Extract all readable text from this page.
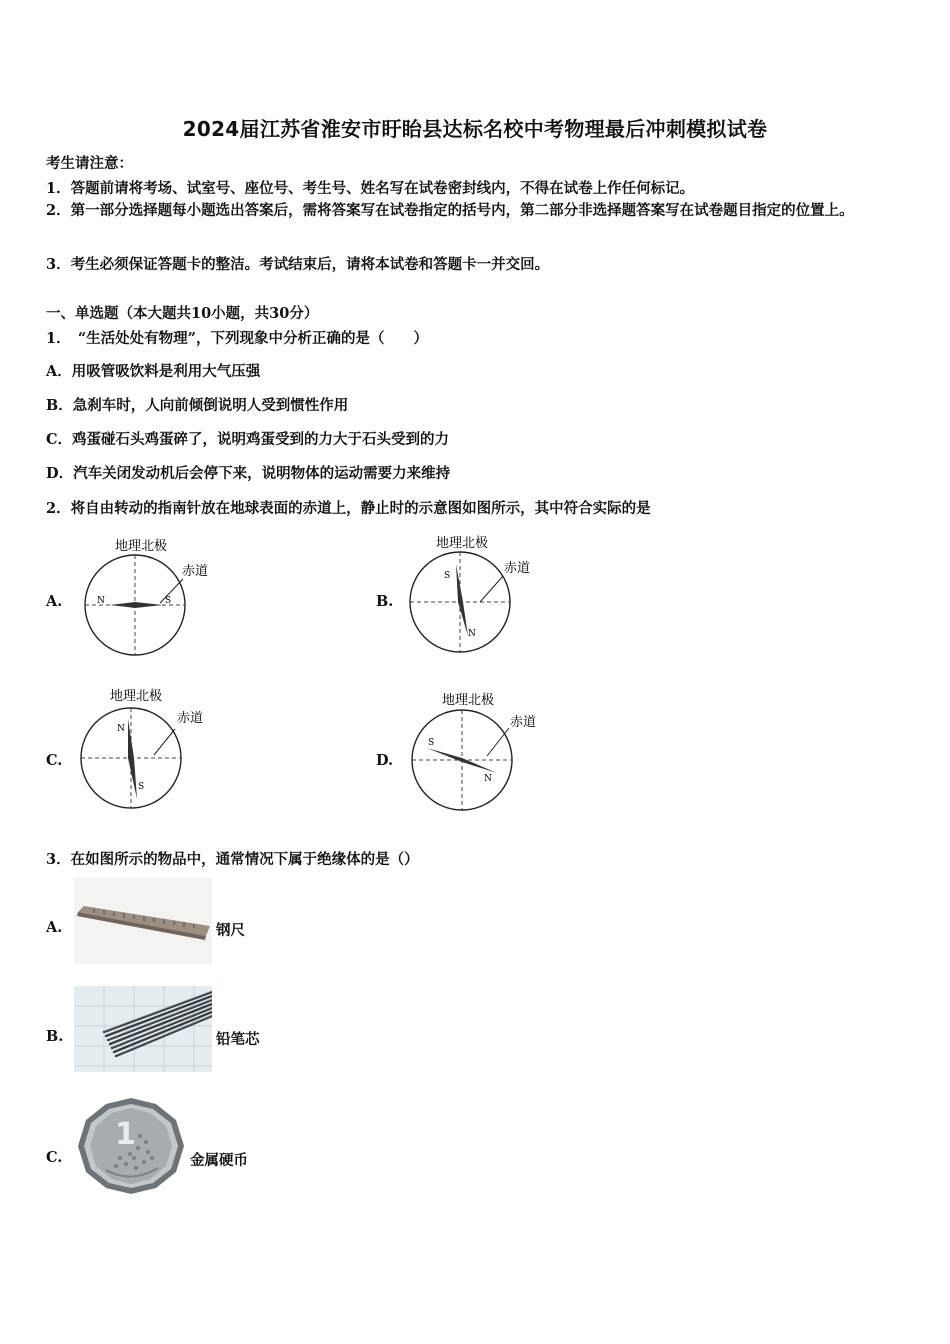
2024届江苏省淮安市盱眙县达标名校中考物理最后冲刺模拟试卷
考生请注意：
1．答题前请将考场、试室号、座位号、考生号、姓名写在试卷密封线内，不得在试卷上作任何标记。
2．第一部分选择题每小题选出答案后，需将答案写在试卷指定的括号内，第二部分非选择题答案写在试卷题目指定的位置上。
3．考生必须保证答题卡的整洁。考试结束后，请将本试卷和答题卡一并交回。
一、单选题（本大题共10小题，共30分）
1．　“生活处处有物理”，下列现象中分析正确的是（　　）
A．用吸管吸饮料是利用大气压强
B．急刹车时，人向前倾倒说明人受到惯性作用
C．鸡蛋碰石头鸡蛋碎了，说明鸡蛋受到的力大于石头受到的力
D．汽车关闭发动机后会停下来，说明物体的运动需要力来维持
2．将自由转动的指南针放在地球表面的赤道上，静止时的示意图如图所示，其中符合实际的是
A.
地理北极
赤道
N	S	B.
地理北极
赤道
S
N
C.
地理北极
赤道
N
S
D.
地理北极
赤道
S
N
3．在如图所示的物品中，通常情况下属于绝缘体的是（）
A.	钢尺
B.	铅笔芯
C.
1
金属硬币
